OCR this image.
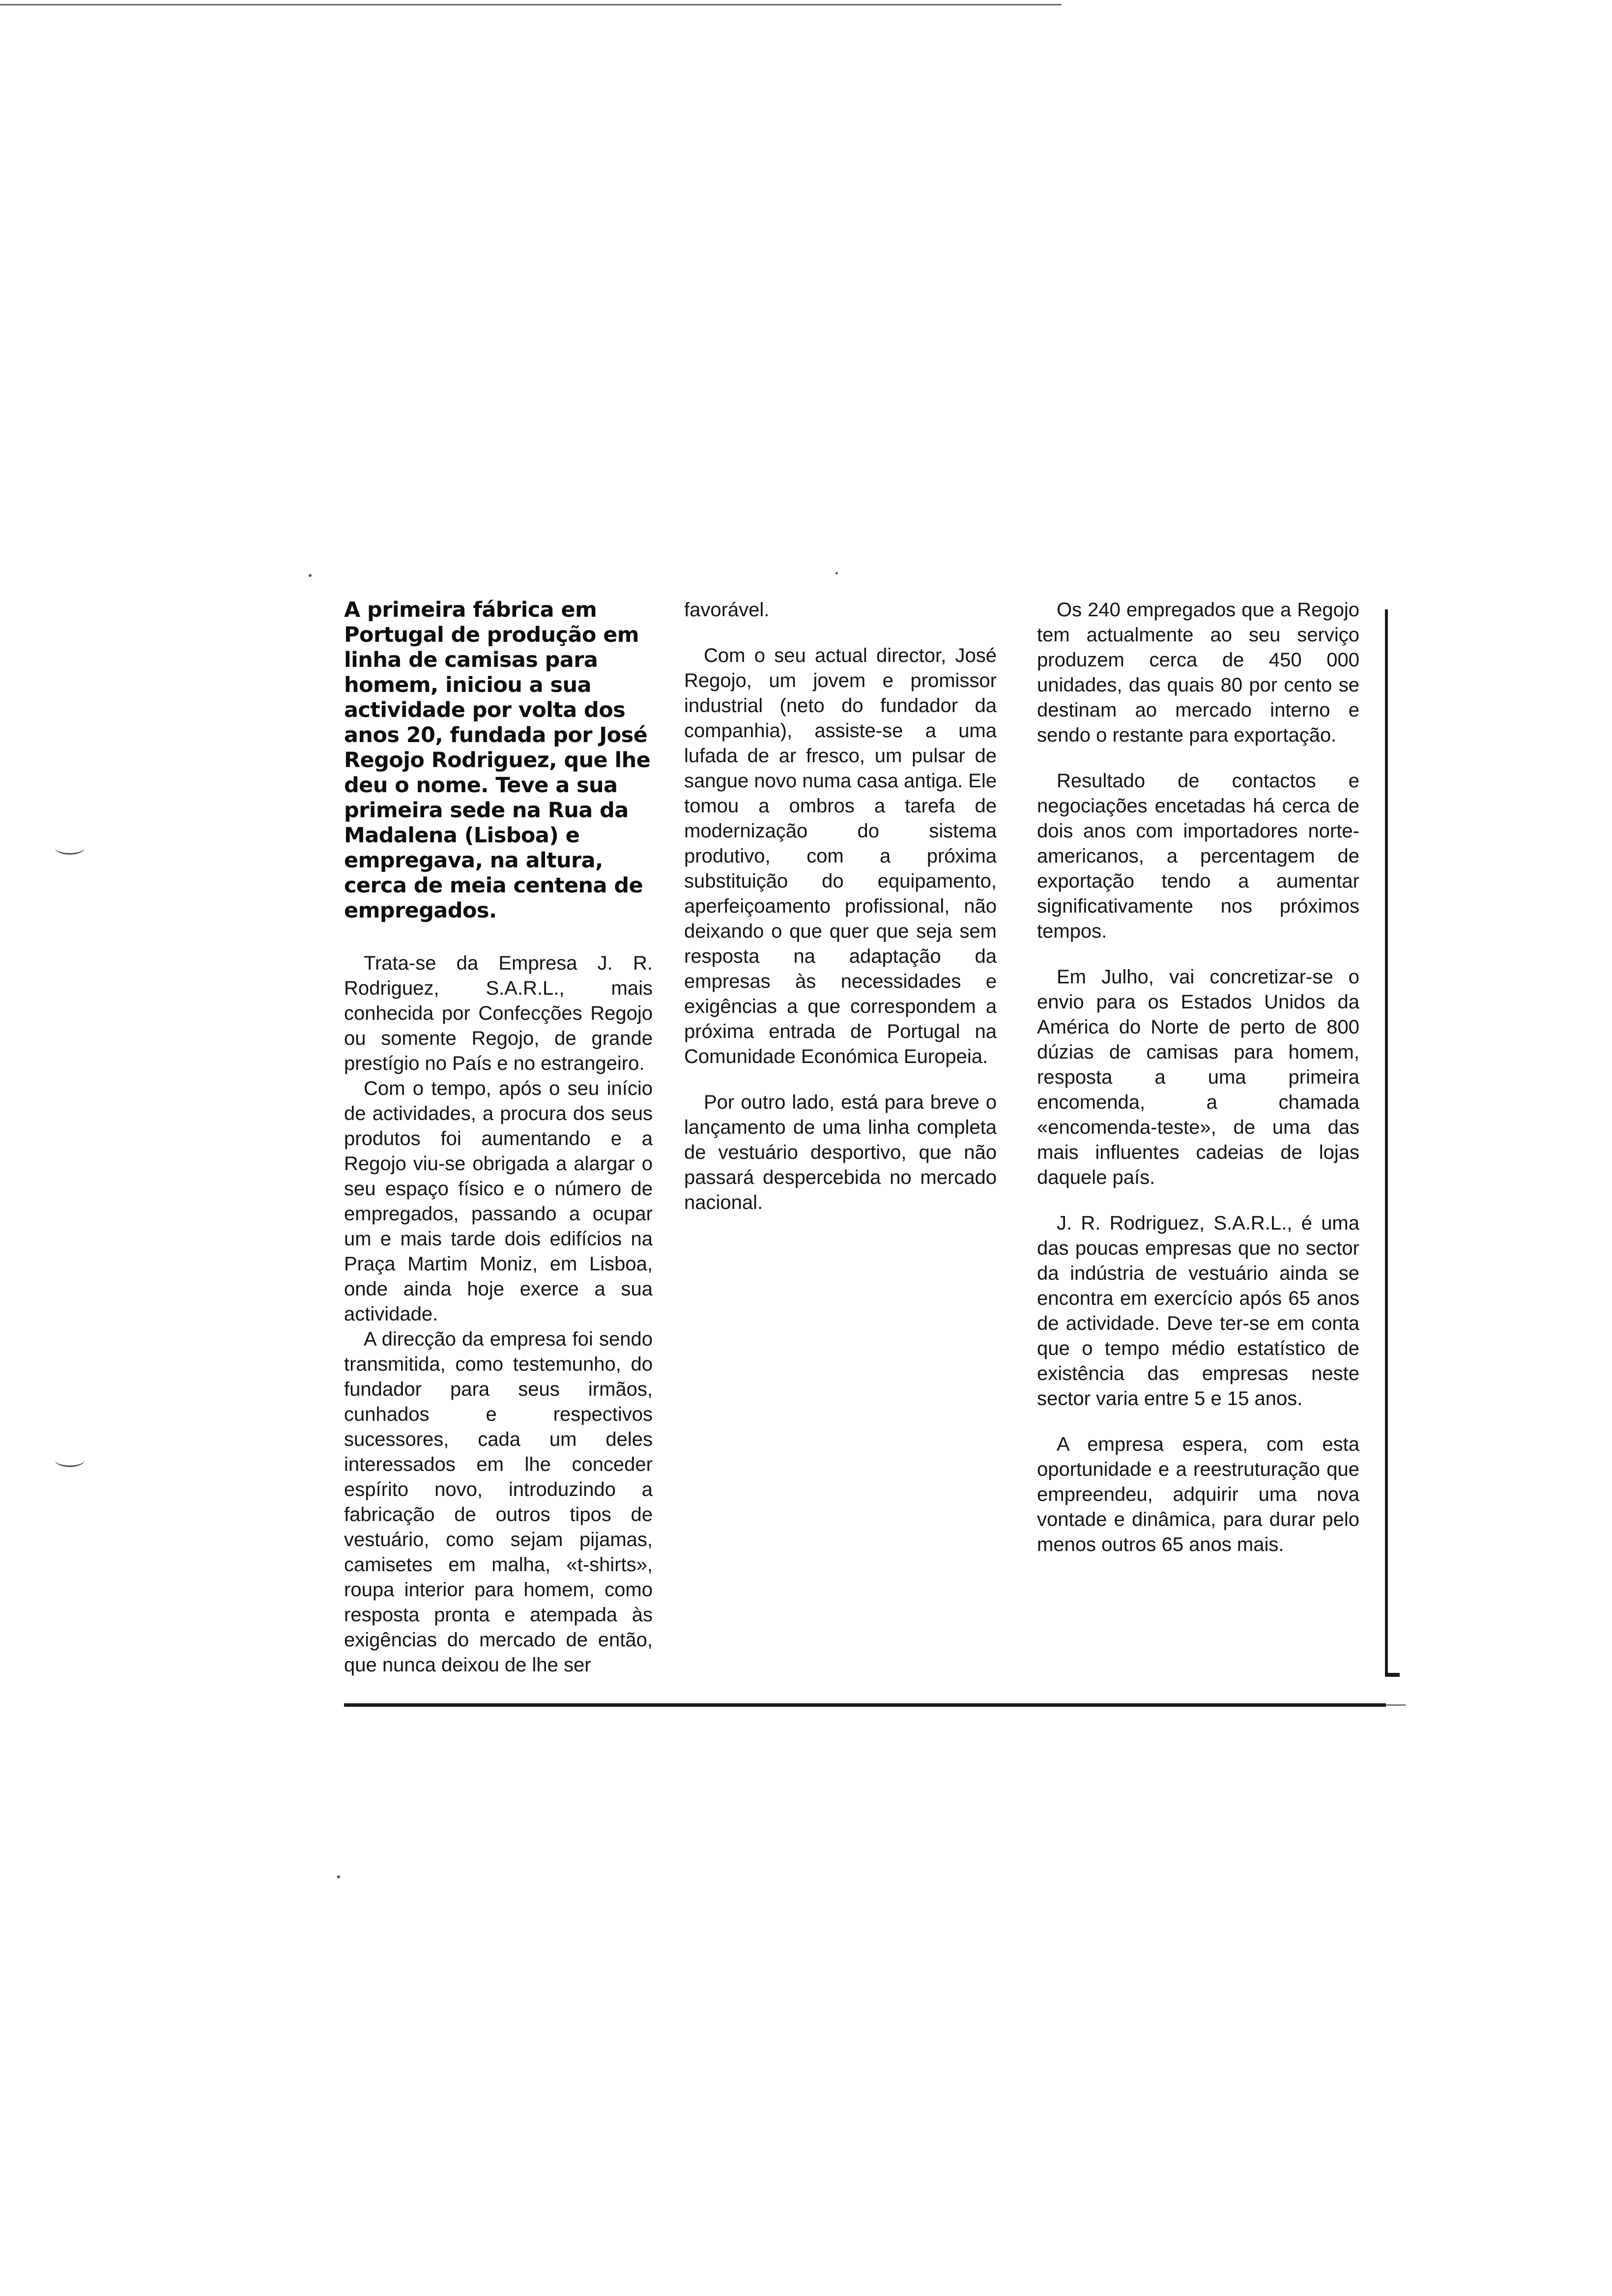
A primeira fábrica em Portugal de produção em linha de camisas para homem, iniciou a sua actividade por volta dos anos 20, fundada por José Regojo Rodriguez, que lhe deu o nome. Teve a sua primeira sede na Rua da Madalena (Lisboa) e empregava, na altura, cerca de meia centena de empregados.

Trata-se da Empresa J. R. Rodriguez, S.A.R.L., mais conhecida por Confecções Regojo ou somente Regojo, de grande prestígio no País e no estrangeiro.

Com o tempo, após o seu início de actividades, a procura dos seus produtos foi aumentando e a Regojo viu-se obrigada a alargar o seu espaço físico e o número de empregados, passando a ocupar um e mais tarde dois edifícios na Praça Martim Moniz, em Lisboa, onde ainda hoje exerce a sua actividade.

A direcção da empresa foi sendo transmitida, como testemunho, do fundador para seus irmãos, cunhados e respectivos sucessores, cada um deles interessados em lhe conceder espírito novo, introduzindo a fabricação de outros tipos de vestuário, como sejam pijamas, camisetes em malha, «t-shirts», roupa interior para homem, como resposta pronta e atempada às exigências do mercado de então, que nunca deixou de lhe ser

Os 240 empregados que a Regojo tem actualmente ao seu serviço produzem cerca de 450 000 unidades, das quais 80 por cento se destinam ao mercado interno e sendo o restante para exportação.

Resultado de contactos e negociações encetadas há cerca de dois anos com importadores norte-americanos, a percentagem de exportação tendo a aumentar significativamente nos próximos tempos.

Em Julho, vai concretizar-se o envio para os Estados Unidos da América do Norte de perto de 800 dúzias de camisas para homem, resposta a uma primeira encomenda, a chamada «encomenda-teste», de uma das mais influentes cadeias de lojas daquele país.

J. R. Rodriguez, S.A.R.L., é uma das poucas empresas que no sector da indústria de vestuário ainda se encontra em exercício após 65 anos de actividade. Deve ter-se em conta que o tempo médio estatístico de existência das empresas neste sector varia entre 5 e 15 anos.

A empresa espera, com esta oportunidade e a reestruturação que empreendeu, adquirir uma nova vontade e dinâmica, para durar pelo menos outros 65 anos mais.

favorável.

Com o seu actual director, José Regojo, um jovem e promissor industrial (neto do fundador da companhia), assiste-se a uma lufada de ar fresco, um pulsar de sangue novo numa casa antiga. Ele tomou a ombros a tarefa de modernização do sistema produtivo, com a próxima substituição do equipamento, aperfeiçoamento profissional, não deixando o que quer que seja sem resposta na adaptação da empresas às necessidades e exigências a que correspondem a próxima entrada de Portugal na Comunidade Económica Europeia.

Por outro lado, está para breve o lançamento de uma linha completa de vestuário desportivo, que não passará despercebida no mercado nacional.
